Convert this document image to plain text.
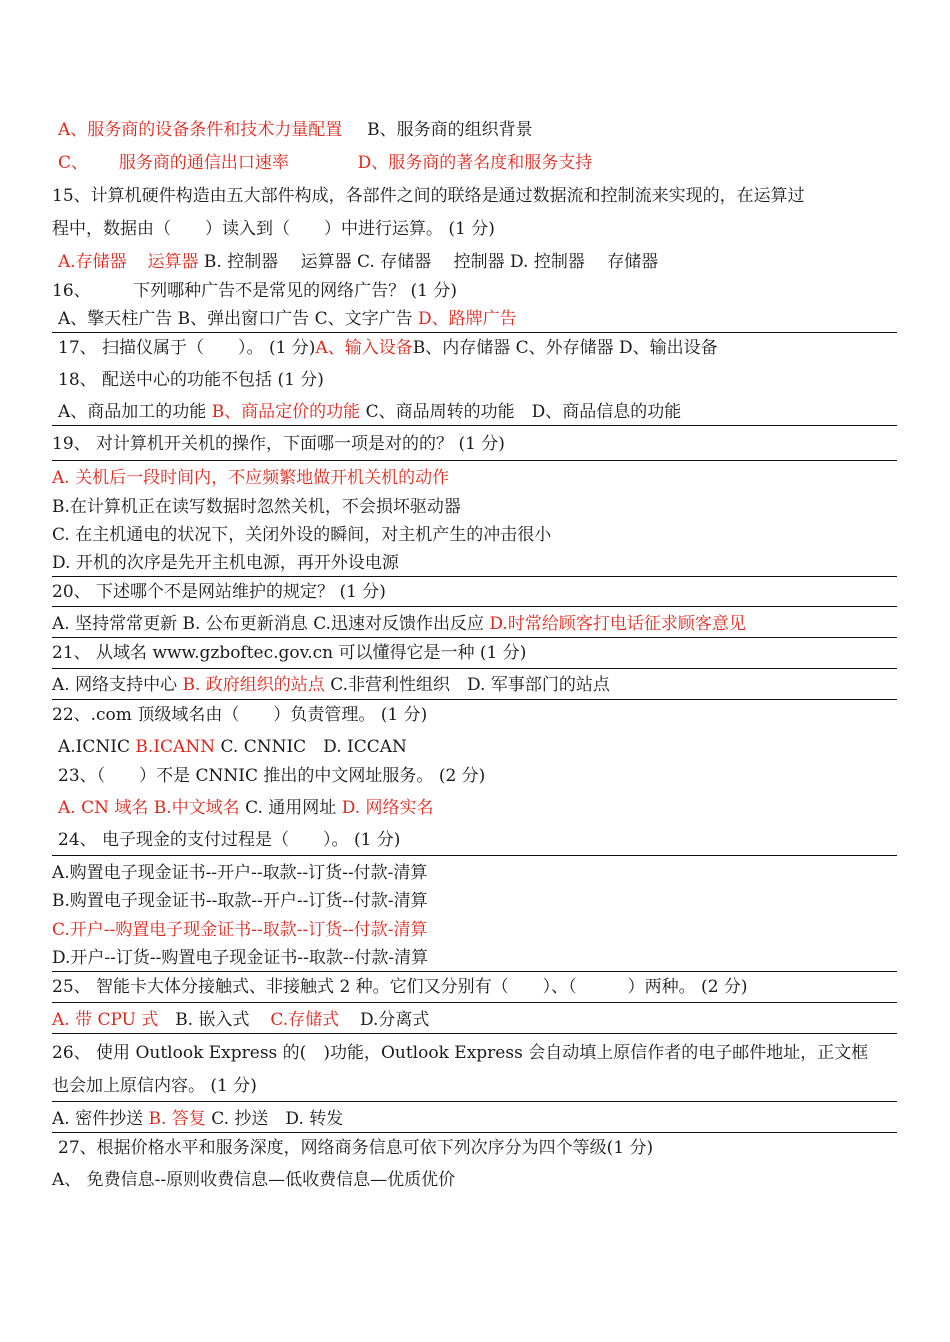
A、服务商的设备条件和技术力量配置 B、服务商的组织背景
C、 服务商的通信出口速率	D、服务商的著名度和服务支持
15、计算机硬件构造由五大部件构成，各部件之间的联络是通过数据流和控制流来实现的，在运算过
程中，数据由（　　）读入到（　　）中进行运算。 (1 分)
A.存储器 运算器 B. 控制器　 运算器 C. 存储器　 控制器 D. 控制器　 存储器
16、　　　下列哪种广告不是常见的网络广告？ (1 分)
A、擎天柱广告 B、弹出窗口广告 C、文字广告 D、路牌广告
17、 扫描仪属于（　　）。 (1 分)A、输入设备B、内存储器 C、外存储器 D、输出设备
18、 配送中心的功能不包括 (1 分)
A、商品加工的功能 B、商品定价的功能 C、商品周转的功能　D、商品信息的功能
19、 对计算机开关机的操作，下面哪一项是对的的？ (1 分)
A. 关机后一段时间内，不应频繁地做开机关机的动作
B.在计算机正在读写数据时忽然关机，不会损坏驱动器
C. 在主机通电的状况下，关闭外设的瞬间，对主机产生的冲击很小
D. 开机的次序是先开主机电源，再开外设电源
20、 下述哪个不是网站维护的规定？ (1 分)
A. 坚持常常更新 B. 公布更新消息 C.迅速对反馈作出反应 D.时常给顾客打电话征求顾客意见
21、 从域名 www.gzboftec.gov.cn 可以懂得它是一种 (1 分)
A. 网络支持中心 B. 政府组织的站点 C.非营利性组织　D. 军事部门的站点
22、.com 顶级域名由（　　）负责管理。 (1 分)
A.ICNIC B.ICANN C. CNNIC　D. ICCAN
23、（　　）不是 CNNIC 推出的中文网址服务。 (2 分)
A. CN 域名 B.中文域名 C. 通用网址 D. 网络实名
24、 电子现金的支付过程是（　　）。 (1 分)
A.购置电子现金证书--开户--取款--订货--付款-清算
B.购置电子现金证书--取款--开户--订货--付款-清算
C.开户--购置电子现金证书--取款--订货--付款-清算
D.开户--订货--购置电子现金证书--取款--付款-清算
25、 智能卡大体分接触式、非接触式 2 种。它们又分别有（　　）、（　　　）两种。 (2 分)
A. 带 CPU 式 B. 嵌入式 C.存储式 D.分离式
26、 使用 Outlook Express 的(　)功能，Outlook Express 会自动填上原信作者的电子邮件地址，正文框
也会加上原信内容。 (1 分)
A. 密件抄送 B. 答复 C. 抄送　D. 转发
27、根据价格水平和服务深度，网络商务信息可依下列次序分为四个等级(1 分)
A、 免费信息--原则收费信息—低收费信息—优质优价
